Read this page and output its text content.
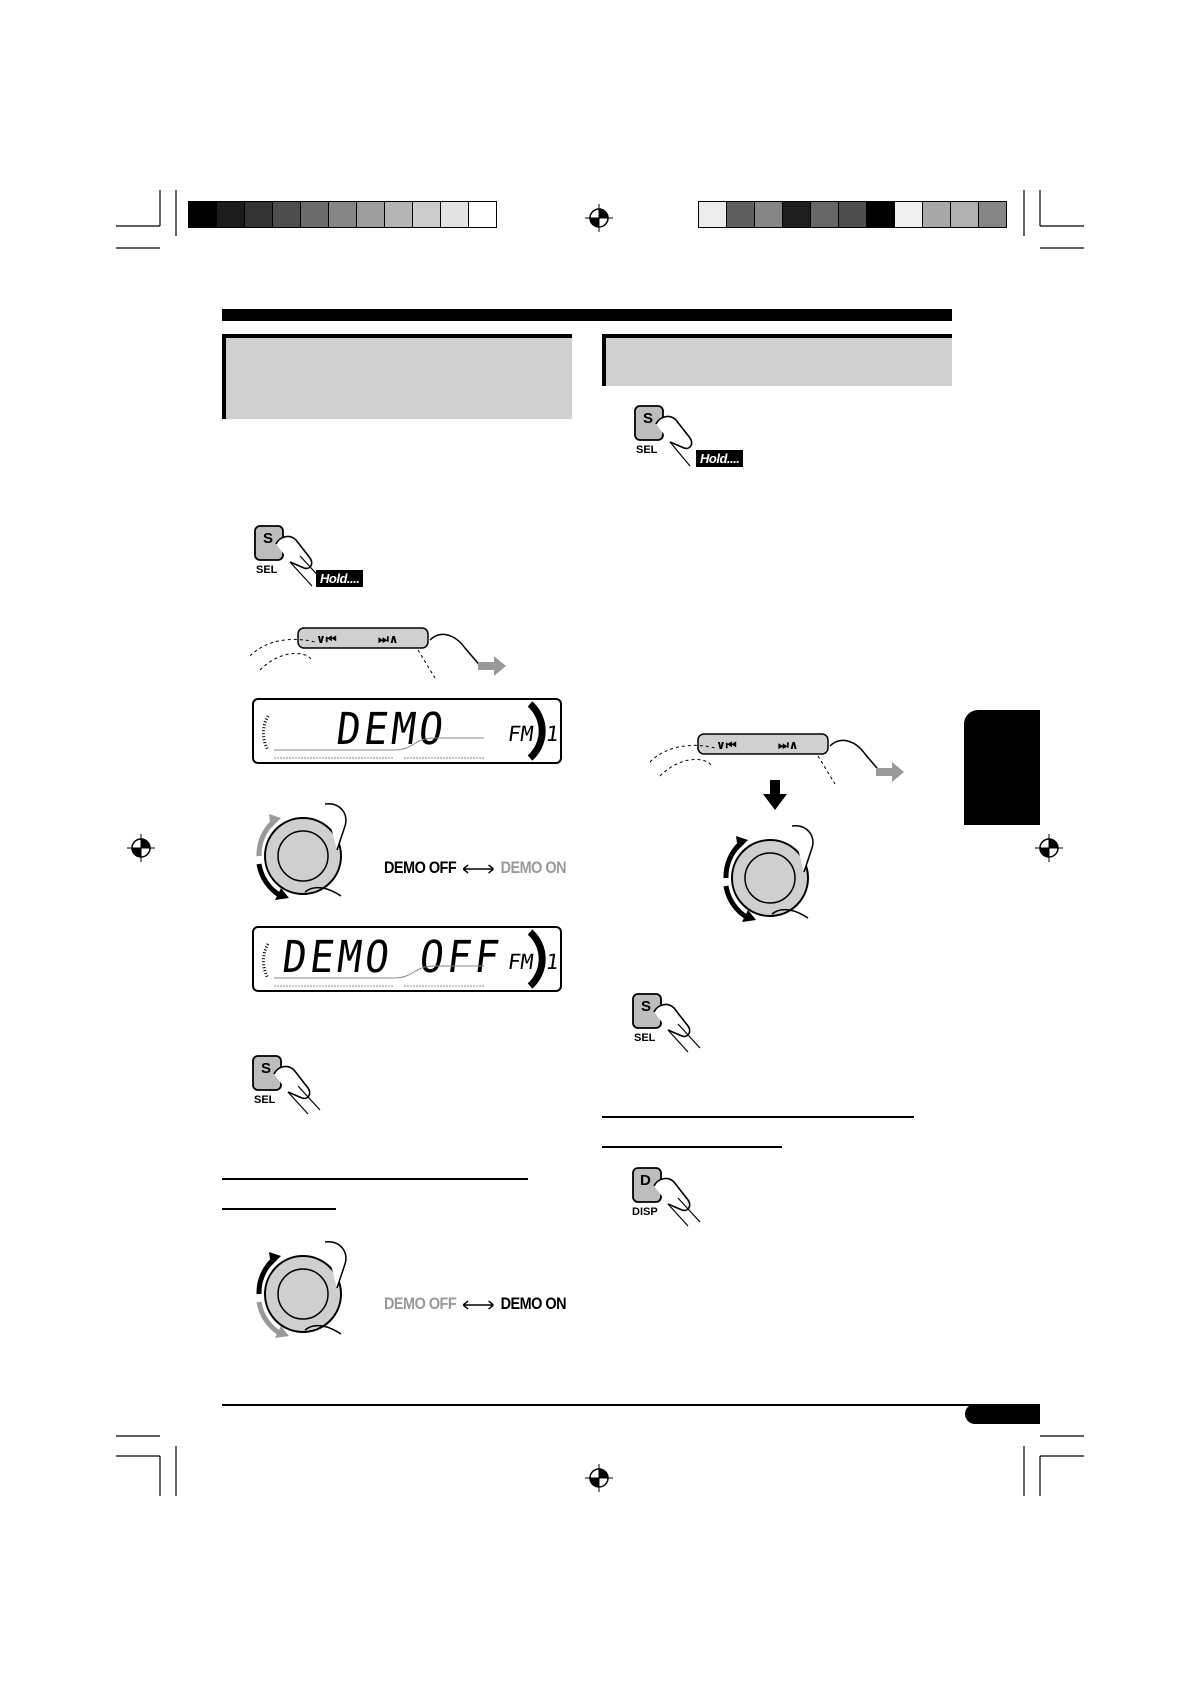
S
SEL
Hold....
∨⏮	⏭∧
DEMO	FM 1
DEMO OFF	DEMO ON
DEMO OFF FM 1
S
SEL
DEMO OFF	DEMO ON
S
SEL
Hold....
∨⏮	⏭∧
S
SEL
D
DISP
